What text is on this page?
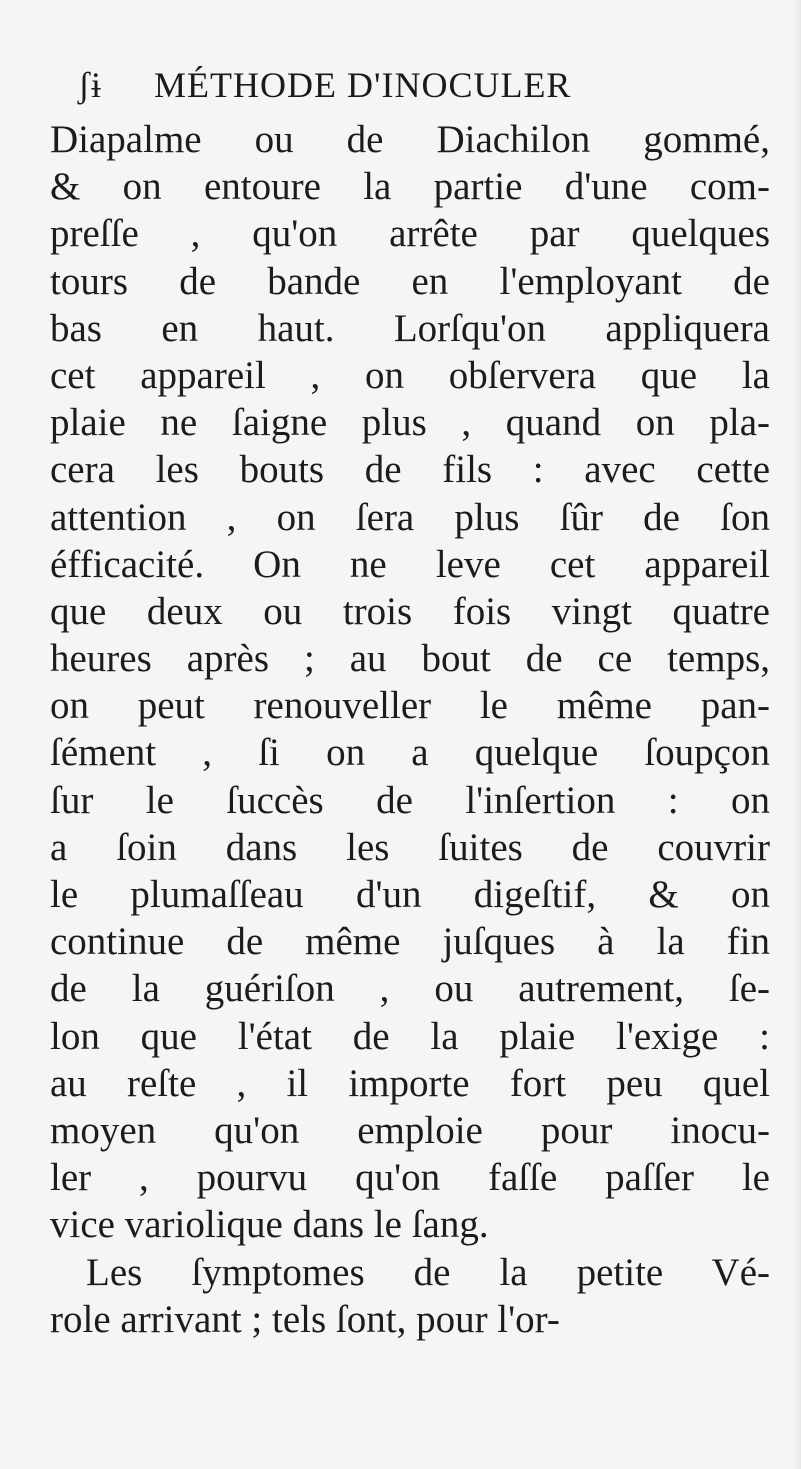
ʃɨ MÉTHODE D'INOCULER
Diapalme ou de Diachilon gommé,
& on entoure la partie d'une com-
preſſe , qu'on arrête par quelques
tours de bande en l'employant de
bas en haut. Lorſqu'on appliquera
cet appareil , on obſervera que la
plaie ne ſaigne plus , quand on pla-
cera les bouts de fils : avec cette
attention , on ſera plus ſûr de ſon
éfficacité. On ne leve cet appareil
que deux ou trois fois vingt quatre
heures après ; au bout de ce temps,
on peut renouveller le même pan-
ſément , ſi on a quelque ſoupçon
ſur le ſuccès de l'inſertion : on
a ſoin dans les ſuites de couvrir
le plumaſſeau d'un digeſtif, & on
continue de même juſques à la fin
de la guériſon , ou autrement, ſe-
lon que l'état de la plaie l'exige :
au reſte , il importe fort peu quel
moyen qu'on emploie pour inocu-
ler , pourvu qu'on faſſe paſſer le
vice variolique dans le ſang.
Les ſymptomes de la petite Vé-
role arrivant ; tels ſont, pour l'or-
